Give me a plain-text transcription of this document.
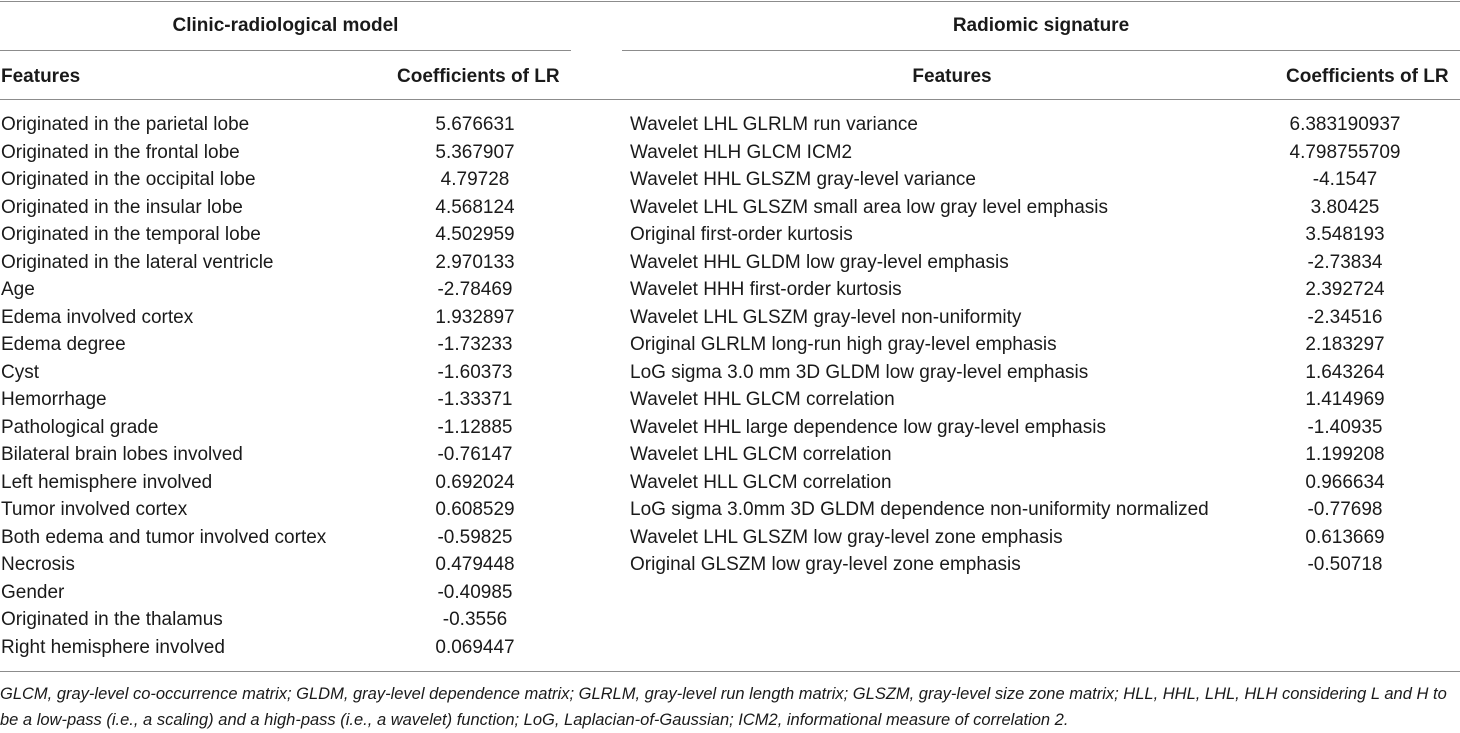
Clinic-radiological model	Radiomic signature
Features	Coefficients of LR	Features	Coefficients of LR
Originated in the parietal lobe	5.676631
Originated in the frontal lobe	5.367907
Originated in the occipital lobe	4.79728
Originated in the insular lobe	4.568124
Originated in the temporal lobe	4.502959
Originated in the lateral ventricle	2.970133
Age	-2.78469
Edema involved cortex	1.932897
Edema degree	-1.73233
Cyst	-1.60373
Hemorrhage	-1.33371
Pathological grade	-1.12885
Bilateral brain lobes involved	-0.76147
Left hemisphere involved	0.692024
Tumor involved cortex	0.608529
Both edema and tumor involved cortex	-0.59825
Necrosis	0.479448
Gender	-0.40985
Originated in the thalamus	-0.3556
Right hemisphere involved	0.069447
Wavelet LHL GLRLM run variance	6.383190937
Wavelet HLH GLCM ICM2	4.798755709
Wavelet HHL GLSZM gray-level variance	-4.1547
Wavelet LHL GLSZM small area low gray level emphasis	3.80425
Original first-order kurtosis	3.548193
Wavelet HHL GLDM low gray-level emphasis	-2.73834
Wavelet HHH first-order kurtosis	2.392724
Wavelet LHL GLSZM gray-level non-uniformity	-2.34516
Original GLRLM long-run high gray-level emphasis	2.183297
LoG sigma 3.0 mm 3D GLDM low gray-level emphasis	1.643264
Wavelet HHL GLCM correlation	1.414969
Wavelet HHL large dependence low gray-level emphasis	-1.40935
Wavelet LHL GLCM correlation	1.199208
Wavelet HLL GLCM correlation	0.966634
LoG sigma 3.0mm 3D GLDM dependence non-uniformity normalized	-0.77698
Wavelet LHL GLSZM low gray-level zone emphasis	0.613669
Original GLSZM low gray-level zone emphasis	-0.50718
GLCM, gray-level co-occurrence matrix; GLDM, gray-level dependence matrix; GLRLM, gray-level run length matrix; GLSZM, gray-level size zone matrix; HLL, HHL, LHL, HLH considering L and H to be a low-pass (i.e., a scaling) and a high-pass (i.e., a wavelet) function; LoG, Laplacian-of-Gaussian; ICM2, informational measure of correlation 2.
